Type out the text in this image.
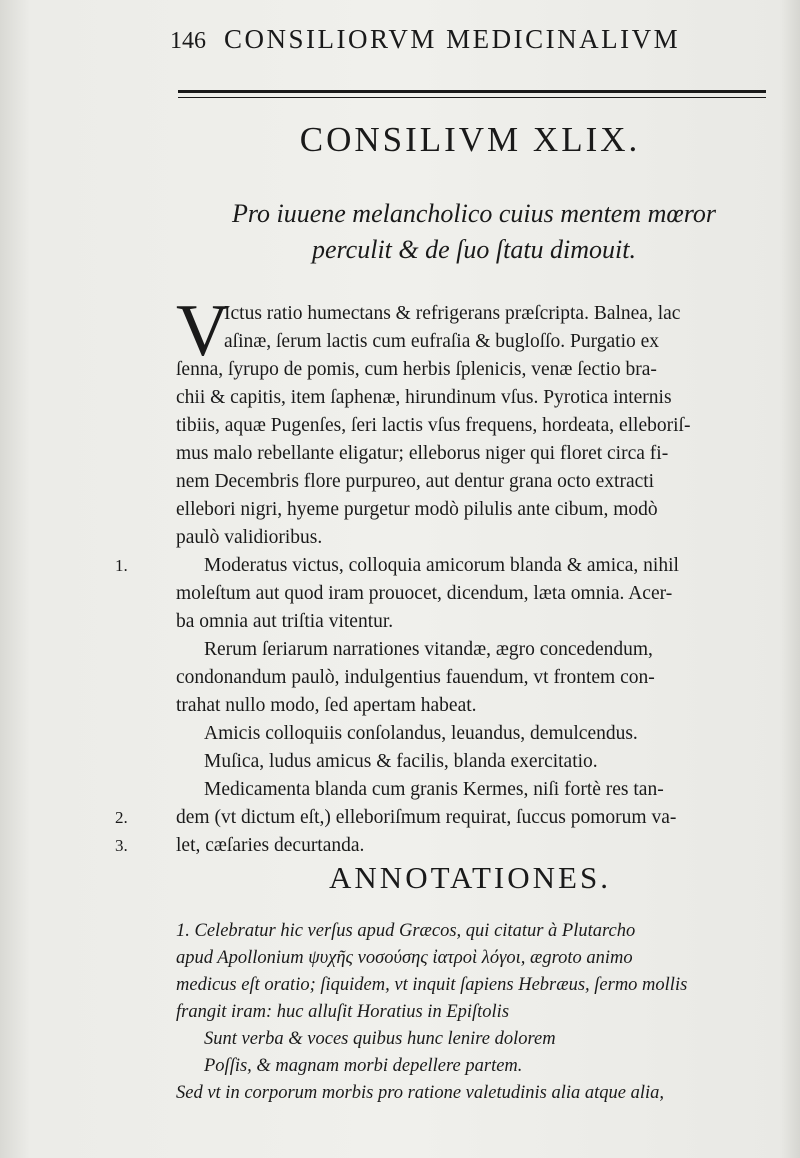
146 CONSILIORVM MEDICINALIVM
CONSILIVM XLIX.
Pro iuuene melancholico cuius mentem mœror
perculit & de ſuo ſtatu dimouit.
V
Ictus ratio humectans & refrigerans præſcripta. Balnea, lac
aſinæ, ſerum lactis cum eufraſia & bugloſſo. Purgatio ex
ſenna, ſyrupo de pomis, cum herbis ſplenicis, venæ ſectio bra-
chii & capitis, item ſaphenæ, hirundinum vſus. Pyrotica internis
tibiis, aquæ Pugenſes, ſeri lactis vſus frequens, hordeata, elleboriſ-
mus malo rebellante eligatur; elleborus niger qui floret circa fi-
nem Decembris flore purpureo, aut dentur grana octo extracti
ellebori nigri, hyeme purgetur modò pilulis ante cibum, modò
paulò validioribus.
Moderatus victus, colloquia amicorum blanda & amica, nihil
moleſtum aut quod iram prouocet, dicendum, læta omnia. Acer-
ba omnia aut triſtia vitentur.
Rerum ſeriarum narrationes vitandæ, ægro concedendum,
condonandum paulò, indulgentius fauendum, vt frontem con-
trahat nullo modo, ſed apertam habeat.
Amicis colloquiis conſolandus, leuandus, demulcendus.
Muſica, ludus amicus & facilis, blanda exercitatio.
Medicamenta blanda cum granis Kermes, niſi fortè res tan-
dem (vt dictum eſt,) elleboriſmum requirat, ſuccus pomorum va-
let, cæſaries decurtanda.
1.
2.
3.
ANNOTATIONES.
1. Celebratur hic verſus apud Græcos, qui citatur à Plutarcho
apud Apollonium ψυχῆς νοσούσης ἰατροὶ λόγοι, ægroto animo
medicus eſt oratio; ſiquidem, vt inquit ſapiens Hebræus, ſermo mollis
frangit iram: huc alluſit Horatius in Epiſtolis
Sunt verba & voces quibus hunc lenire dolorem
Poſſis, & magnam morbi depellere partem.
Sed vt in corporum morbis pro ratione valetudinis alia atque alia,
